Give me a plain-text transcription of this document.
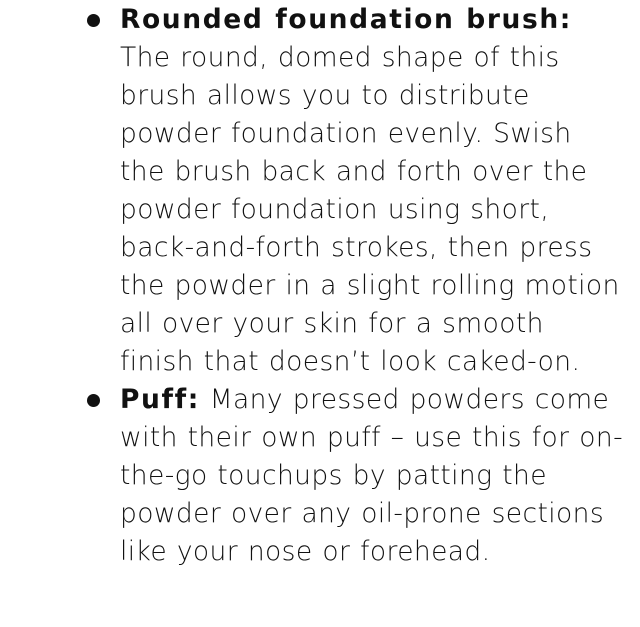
Rounded foundation brush: The round, domed shape of this brush allows you to distribute powder foundation evenly. Swish the brush back and forth over the powder foundation using short, back-and-forth strokes, then press the powder in a slight rolling motion all over your skin for a smooth finish that doesn’t look caked-on.
Puff: Many pressed powders come with their own puff – use this for on-the-go touchups by patting the powder over any oil-prone sections like your nose or forehead.
